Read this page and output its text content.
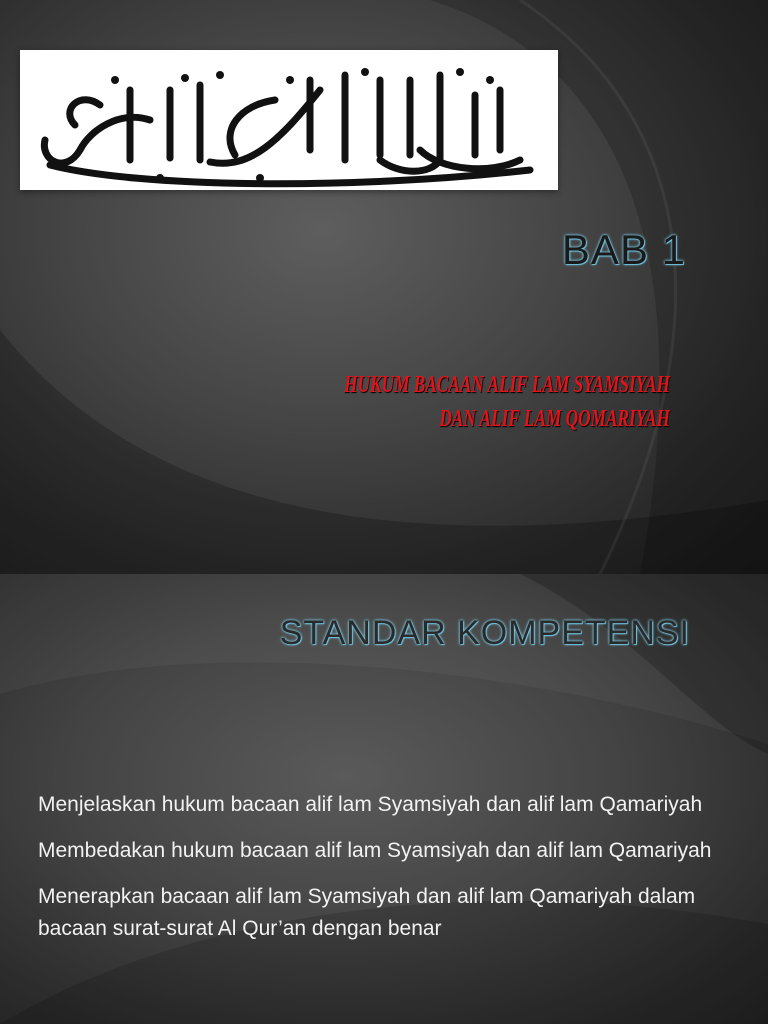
BAB 1
HUKUM BACAAN ALIF LAM SYAMSIYAH
DAN ALIF LAM QOMARIYAH
STANDAR KOMPETENSI
Menjelaskan hukum bacaan alif lam Syamsiyah dan alif lam Qamariyah
Membedakan hukum bacaan alif lam Syamsiyah dan alif lam Qamariyah
Menerapkan bacaan alif lam Syamsiyah dan alif lam Qamariyah dalam bacaan surat-surat Al Qur’an dengan benar
